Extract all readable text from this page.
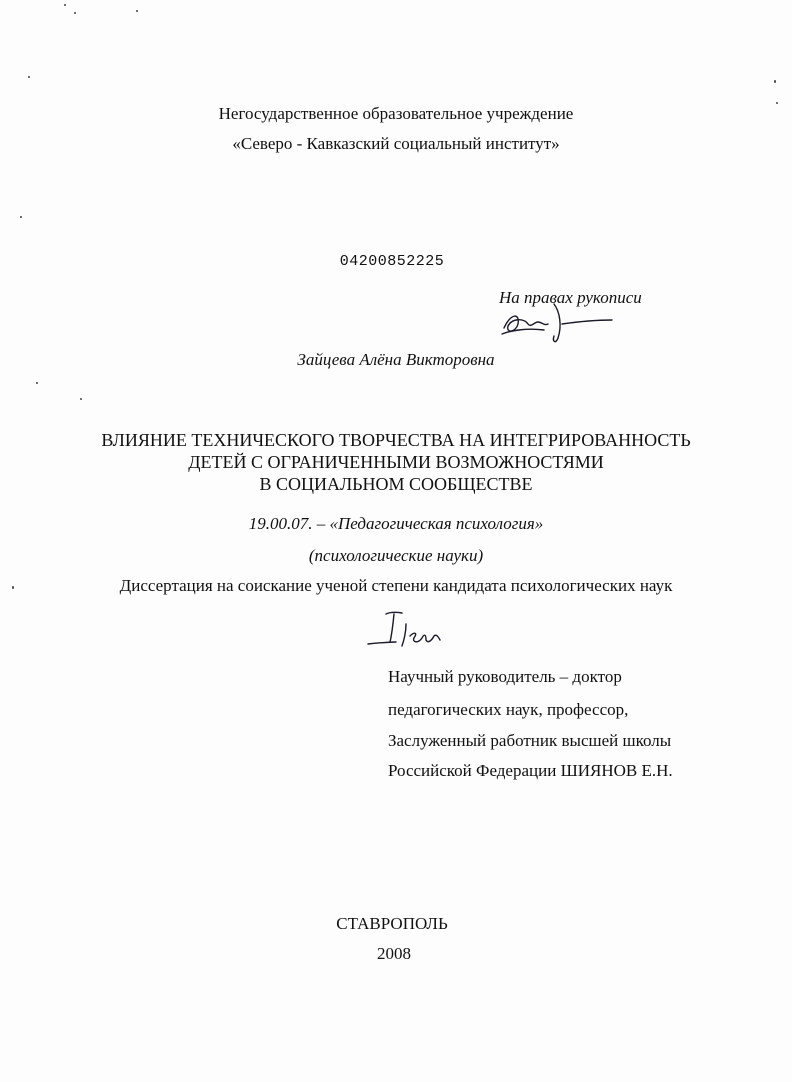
Негосударственное образовательное учреждение
«Северо - Кавказский социальный институт»
04200852225
На правах рукописи
Зайцева Алёна Викторовна
ВЛИЯНИЕ ТЕХНИЧЕСКОГО ТВОРЧЕСТВА НА ИНТЕГРИРОВАННОСТЬ
ДЕТЕЙ С ОГРАНИЧЕННЫМИ ВОЗМОЖНОСТЯМИ
В СОЦИАЛЬНОМ СООБЩЕСТВЕ
19.00.07. – «Педагогическая психология»
(психологические науки)
Диссертация на соискание ученой степени кандидата психологических наук
Научный руководитель – доктор
педагогических наук, профессор,
Заслуженный работник высшей школы
Российской Федерации ШИЯНОВ Е.Н.
СТАВРОПОЛЬ
2008
